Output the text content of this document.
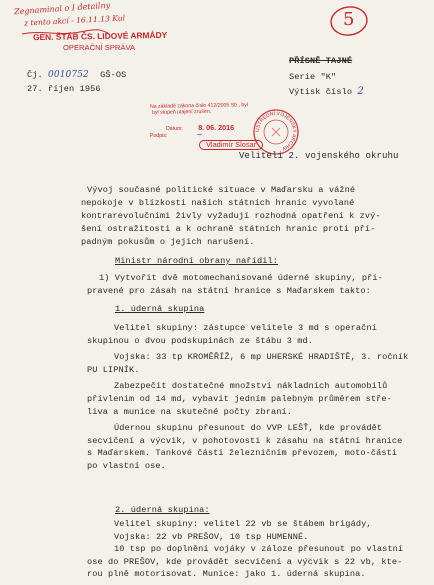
Zegnaminal o I detailny
z tento akcí - 16.11.13 Kul	5
GEN. ŠTÁB ČS. LIDOVÉ ARMÁDY
OPERAČNÍ SPRÁVA
Čj. 0010752 GŠ-OS
27. říjen 1956
PŘÍSNĚ TAJNÉ
Serie "K"
Výtisk číslo 2
Na základě zákona číslo 412/2005 Sb., byl
byl stupeň utajení zrušen.
Datum: 8. 06. 2016
Podpis:	∽
Vladimír Slosar
USTŘEDNÍ VOJENSKÝ ARCHIV
Veliteli 2. vojenského okruhu
Vývoj současné politické situace v Maďarsku a vážné
nepokoje v blízkosti našich státních hranic vyvolané
kontrarevolučními živly vyžadují rozhodná opatření k zvý-
šení ostražitosti a k ochraně státních hranic proti pří-
padným pokusům o jejich narušení.
Ministr národní obrany nařídil:
1) Vytvořit dvě motomechanisované úderné skupiny, při-
pravené pro zásah na státní hranice s Maďarskem takto:
1. úderná skupina
Velitel skupiny: zástupce velitele 3 md s operační
skupinou o dvou podskupinách ze štábu 3 md.
Vojska: 33 tp KROMĚŘÍŽ, 6 mp UHERSKÉ HRADIŠTĚ, 3. ročník
PU LIPNÍK.
Zabezpečit dostatečné množství nákladních automobilů
přívlenim od 14 md, vybavit jedním palebným průměrem stře-
liva a munice na skutečné počty zbraní.
Údernou skupinu přesunout do VVP LEŠŤ, kde provádět
secvičení a výcvik, v pohotovosti k zásahu na státní hranice
s Maďarskem. Tankové části železničním převozem, moto-části
po vlastní ose.
2. úderná skupina:
Velitel skupiny: velitel 22 vb se štábem brigády,
Vojska: 22 vb PREŠOV, 10 tsp HUMENNÉ.
10 tsp po doplnění vojáky v záloze přesunout po vlastní
ose do PREŠOV, kde provádět secvičení a výcvik s 22 vb, kte-
rou plně motorisovat. Munice: jako 1. úderná skupina.
